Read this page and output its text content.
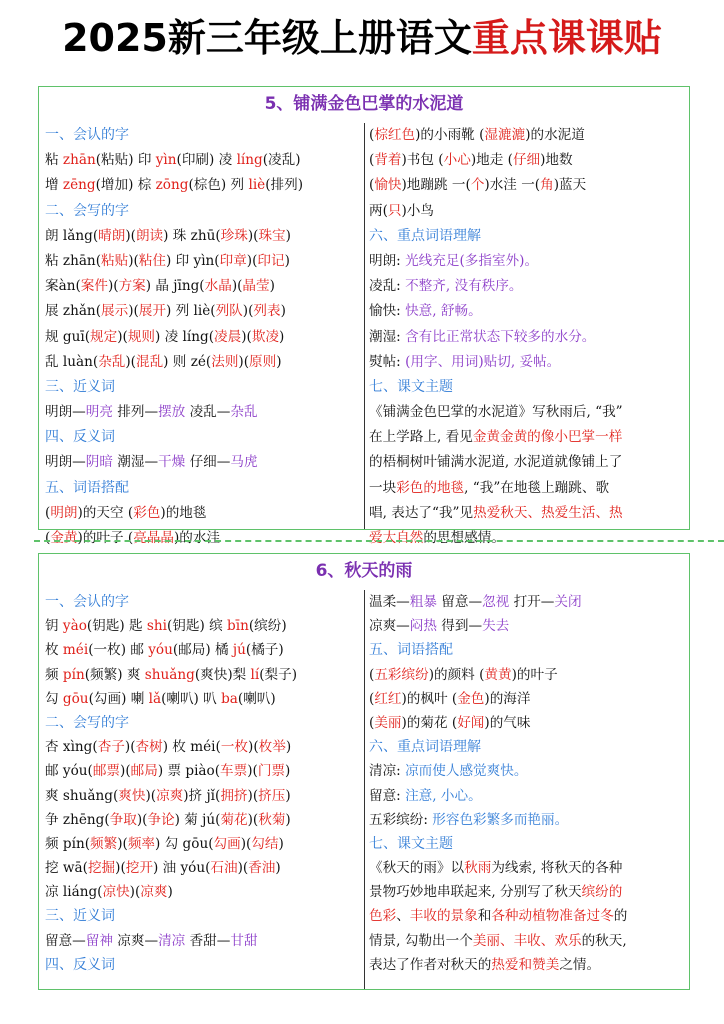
2025新三年级上册语文重点课课贴
5、铺满金色巴掌的水泥道
一、会认的字
粘 zhān(粘贴) 印 yìn(印刷) 凌 líng(凌乱)
增 zēng(增加) 棕 zōng(棕色) 列 liè(排列)
二、会写的字
朗 lǎng(晴朗)(朗读) 珠 zhū(珍珠)(珠宝)
粘 zhān(粘贴)(粘住) 印 yìn(印章)(印记)
案àn(案件)(方案) 晶 jīng(水晶)(晶莹)
展 zhǎn(展示)(展开) 列 liè(列队)(列表)
规 guī(规定)(规则) 凌 líng(凌晨)(欺凌)
乱 luàn(杂乱)(混乱) 则 zé(法则)(原则)
三、近义词
明朗—明亮 排列—摆放 凌乱—杂乱
四、反义词
明朗—阴暗 潮湿—干燥 仔细—马虎
五、词语搭配
(明朗)的天空 (彩色)的地毯
(金黄)的叶子 (亮晶晶)的水洼
(棕红色)的小雨靴 (湿漉漉)的水泥道
(背着)书包 (小心)地走 (仔细)地数
(愉快)地蹦跳 一(个)水洼 一(角)蓝天
两(只)小鸟
六、重点词语理解
明朗: 光线充足(多指室外)。
凌乱: 不整齐, 没有秩序。
愉快: 快意, 舒畅。
潮湿: 含有比正常状态下较多的水分。
熨帖: (用字、用词)贴切, 妥帖。
七、课文主题
《铺满金色巴掌的水泥道》写秋雨后, “我”
在上学路上, 看见金黄金黄的像小巴掌一样
的梧桐树叶铺满水泥道, 水泥道就像铺上了
一块彩色的地毯, “我”在地毯上蹦跳、歌
唱, 表达了“我”见热爱秋天、热爱生活、热
爱大自然的思想感情。
6、秋天的雨
一、会认的字
钥 yào(钥匙) 匙 shi(钥匙) 缤 bīn(缤纷)
枚 méi(一枚) 邮 yóu(邮局) 橘 jú(橘子)
频 pín(频繁) 爽 shuǎng(爽快)梨 lí(梨子)
勾 gōu(勾画) 喇 lǎ(喇叭) 叭 ba(喇叭)
二、会写的字
杏 xìng(杏子)(杏树) 枚 méi(一枚)(枚举)
邮 yóu(邮票)(邮局) 票 piào(车票)(门票)
爽 shuǎng(爽快)(凉爽)挤 jǐ(拥挤)(挤压)
争 zhēng(争取)(争论) 菊 jú(菊花)(秋菊)
频 pín(频繁)(频率) 勾 gōu(勾画)(勾结)
挖 wā(挖掘)(挖开) 油 yóu(石油)(香油)
凉 liáng(凉快)(凉爽)
三、近义词
留意—留神 凉爽—清凉 香甜—甘甜
四、反义词
温柔—粗暴 留意—忽视 打开—关闭
凉爽—闷热 得到—失去
五、词语搭配
(五彩缤纷)的颜料 (黄黄)的叶子
(红红)的枫叶 (金色)的海洋
(美丽)的菊花 (好闻)的气味
六、重点词语理解
清凉: 凉而使人感觉爽快。
留意: 注意, 小心。
五彩缤纷: 形容色彩繁多而艳丽。
七、课文主题
《秋天的雨》以秋雨为线索, 将秋天的各种
景物巧妙地串联起来, 分别写了秋天缤纷的
色彩、丰收的景象和各种动植物准备过冬的
情景, 勾勒出一个美丽、丰收、欢乐的秋天,
表达了作者对秋天的热爱和赞美之情。
